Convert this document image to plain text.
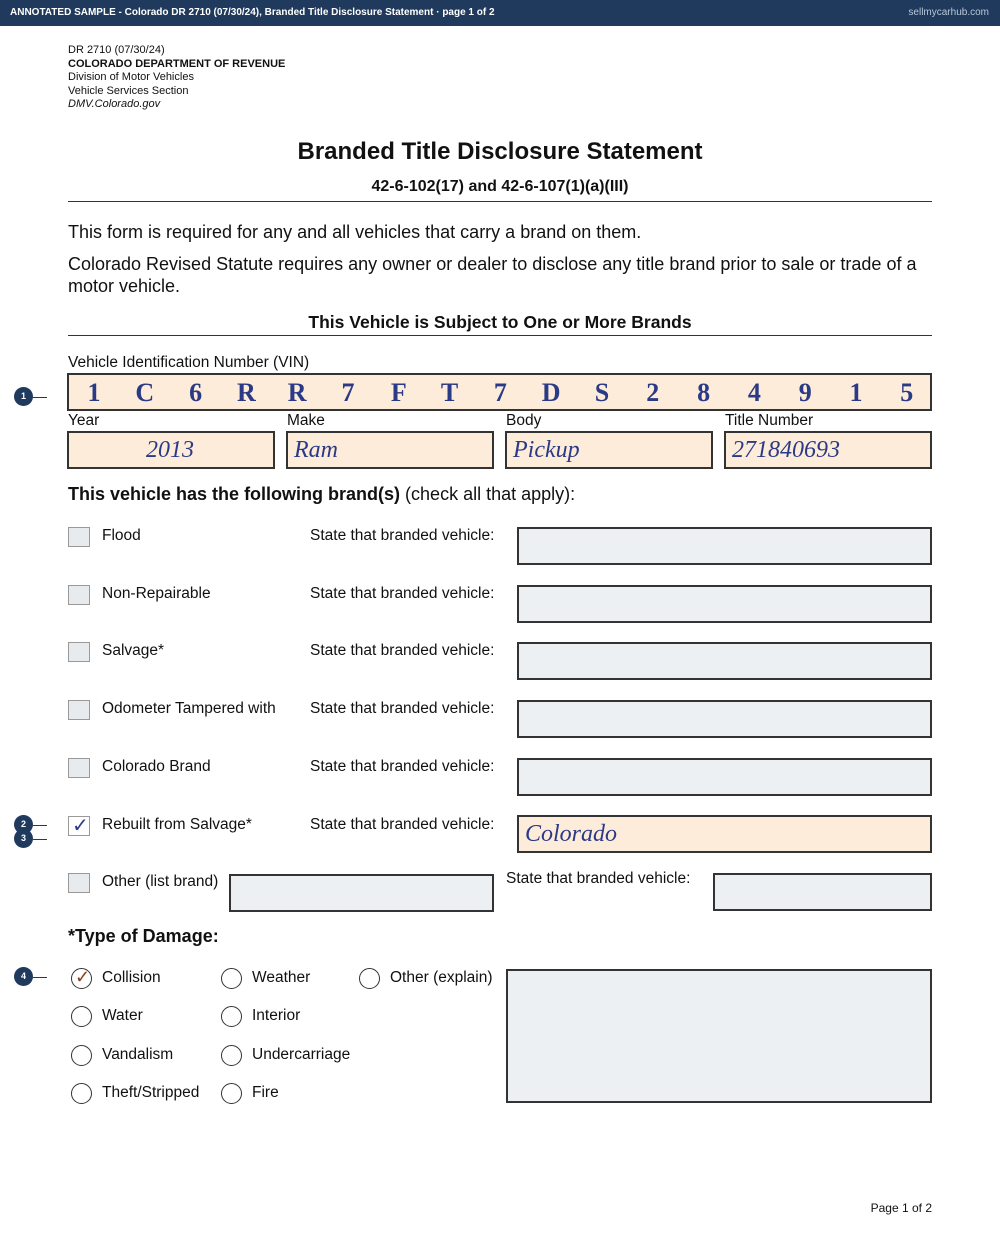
ANNOTATED SAMPLE - Colorado DR 2710 (07/30/24), Branded Title Disclosure Statement · page 1 of 2	sellmycarhub.com
DR 2710 (07/30/24)
COLORADO DEPARTMENT OF REVENUE
Division of Motor Vehicles
Vehicle Services Section
DMV.Colorado.gov
Branded Title Disclosure Statement
42-6-102(17) and 42-6-107(1)(a)(III)
This form is required for any and all vehicles that carry a brand on them.
Colorado Revised Statute requires any owner or dealer to disclose any title brand prior to sale or trade of a motor vehicle.
This Vehicle is Subject to One or More Brands
Vehicle Identification Number (VIN)
1	C	6	R R	7	F T	7	D S	2	8	4	9	1	5
Year	Make	Body	Title Number
2013	Ram	Pickup	271840693
This vehicle has the following brand(s) (check all that apply):
Flood	State that branded vehicle:
Non-Repairable	State that branded vehicle:
Salvage*	State that branded vehicle:
Odometer Tampered with State that branded vehicle:
Colorado Brand	State that branded vehicle:
✓ Rebuilt from Salvage*	State that branded vehicle: Colorado
Other (list brand)	State that branded vehicle:
*Type of Damage:
✓ Collision
Water
Vandalism
Theft/Stripped
Weather
Interior
Undercarriage
Fire
Other (explain)
1
2
3
4
Page 1 of 2
